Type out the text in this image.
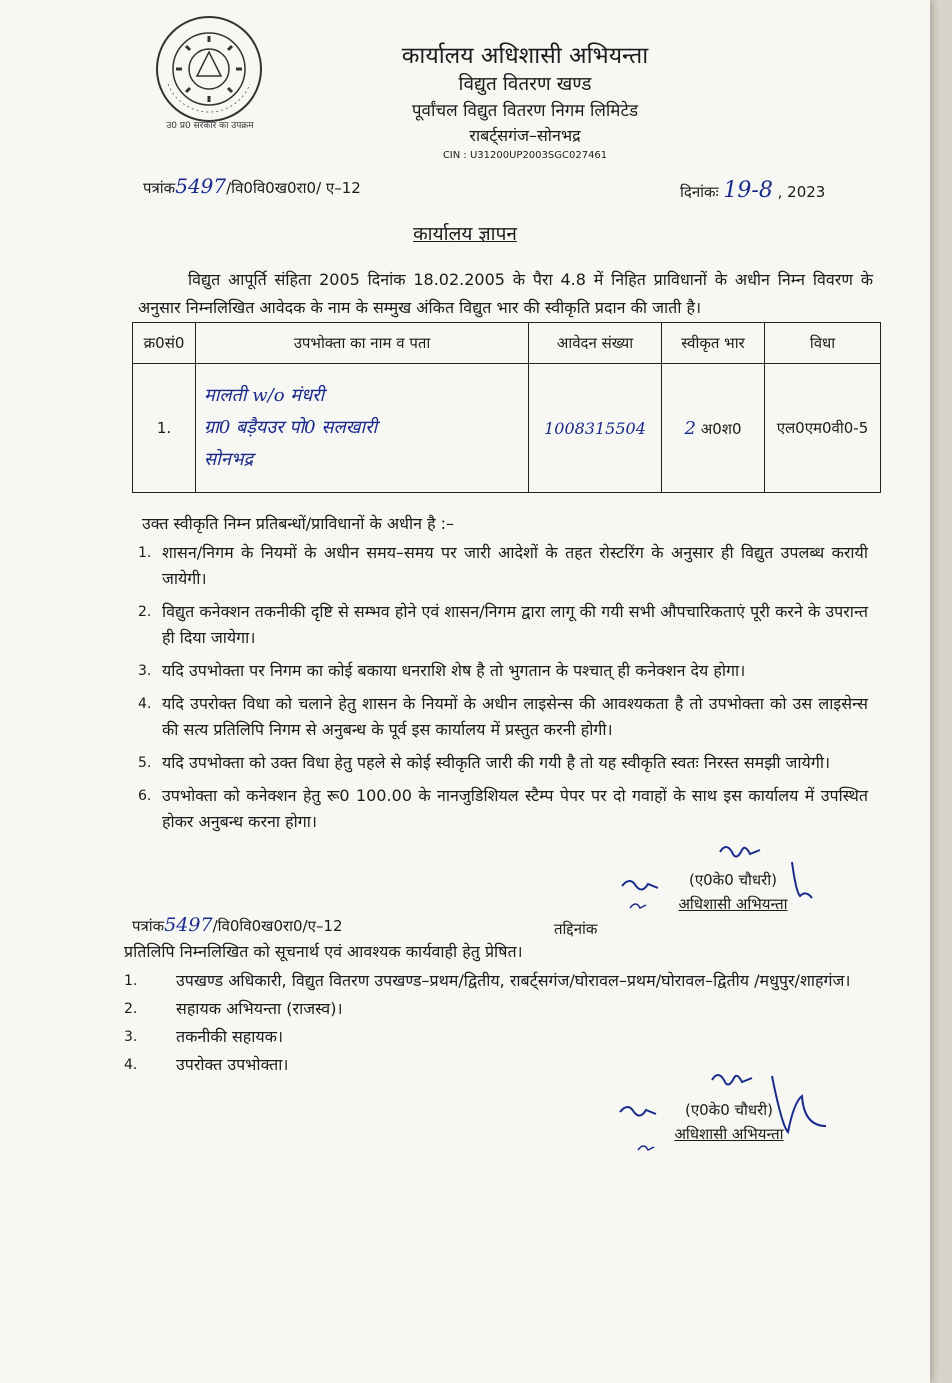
उ0 प्र0 सरकार का उपक्रम
कार्यालय अधिशासी अभियन्ता
विद्युत वितरण खण्ड
पूर्वांचल विद्युत वितरण निगम लिमिटेड
राबर्ट्सगंज–सोनभद्र
CIN : U31200UP2003SGC027461
पत्रांक5497/वि0वि0ख0रा0/ ए–12	दिनांकः 19-8 , 2023
कार्यालय ज्ञापन
विद्युत आपूर्ति संहिता 2005 दिनांक 18.02.2005 के पैरा 4.8 में निहित प्राविधानों के अधीन निम्न विवरण के अनुसार निम्नलिखित आवेदक के नाम के सम्मुख अंकित विद्युत भार की स्वीकृति प्रदान की जाती है।
क्र0सं0	उपभोक्ता का नाम व पता	आवेदन संख्या	स्वीकृत भार	विधा
1.	मालती w/o मंधरी
ग्रा0 बड़ैयउर पो0 सलखारी
सोनभद्र	1008315504	2 अ0श0	एल0एम0वी0-5
उक्त स्वीकृति निम्न प्रतिबन्धों/प्राविधानों के अधीन है :–
1. शासन/निगम के नियमों के अधीन समय–समय पर जारी आदेशों के तहत रोस्टरिंग के अनुसार ही विद्युत उपलब्ध करायी जायेगी।
2. विद्युत कनेक्शन तकनीकी दृष्टि से सम्भव होने एवं शासन/निगम द्वारा लागू की गयी सभी औपचारिकताएं पूरी करने के उपरान्त ही दिया जायेगा।
3. यदि उपभोक्ता पर निगम का कोई बकाया धनराशि शेष है तो भुगतान के पश्चात् ही कनेक्शन देय होगा।
4. यदि उपरोक्त विधा को चलाने हेतु शासन के नियमों के अधीन लाइसेन्स की आवश्यकता है तो उपभोक्ता को उस लाइसेन्स की सत्य प्रतिलिपि निगम से अनुबन्ध के पूर्व इस कार्यालय में प्रस्तुत करनी होगी।
5. यदि उपभोक्ता को उक्त विधा हेतु पहले से कोई स्वीकृति जारी की गयी है तो यह स्वीकृति स्वतः निरस्त समझी जायेगी।
6. उपभोक्ता को कनेक्शन हेतु रू0 100.00 के नानजुडिशियल स्टैम्प पेपर पर दो गवाहों के साथ इस कार्यालय में उपस्थित होकर अनुबन्ध करना होगा।
(ए0के0 चौधरी)
अधिशासी अभियन्ता
पत्रांक5497/वि0वि0ख0रा0/ए–12	तद्दिनांक
प्रतिलिपि निम्नलिखित को सूचनार्थ एवं आवश्यक कार्यवाही हेतु प्रेषित।
1.	उपखण्ड अधिकारी, विद्युत वितरण उपखण्ड–प्रथम/द्वितीय, राबर्ट्सगंज/घोरावल–प्रथम/घोरावल–द्वितीय /मधुपुर/शाहगंज।
2.	सहायक अभियन्ता (राजस्व)।
3.	तकनीकी सहायक।
4.	उपरोक्त उपभोक्ता।
(ए0के0 चौधरी)
अधिशासी अभियन्ता
